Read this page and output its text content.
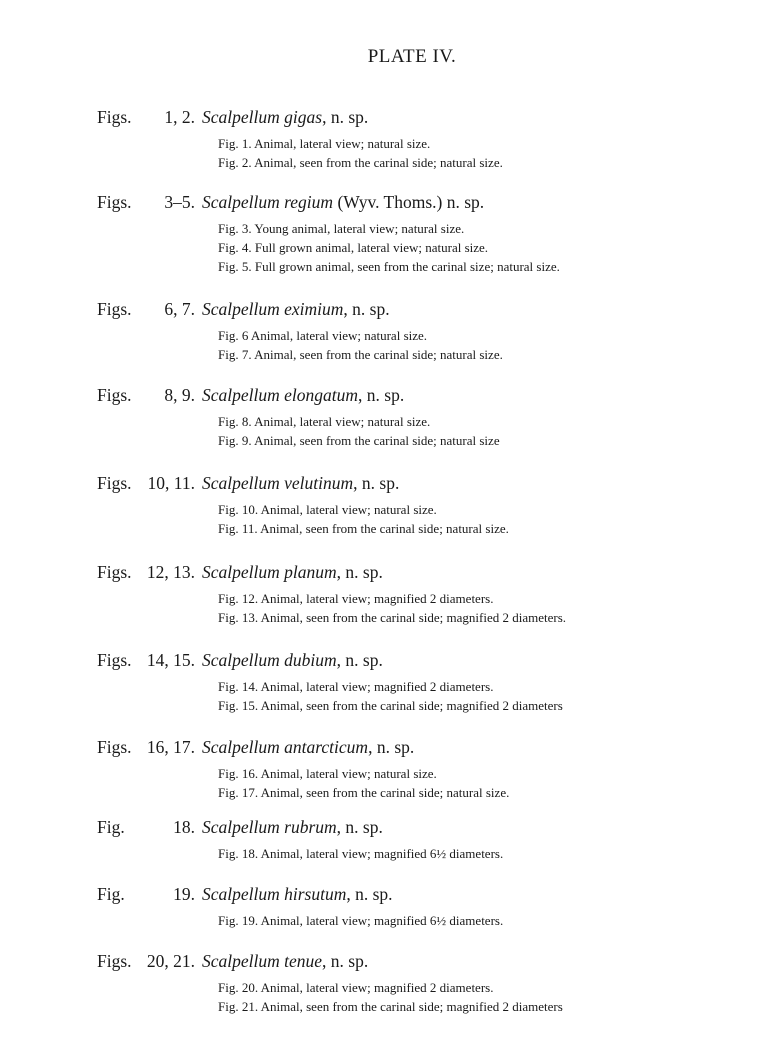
PLATE IV.
Figs. 1, 2. Scalpellum gigas, n. sp.
Fig. 1. Animal, lateral view; natural size.
Fig. 2. Animal, seen from the carinal side; natural size.
Figs. 3–5. Scalpellum regium (Wyv. Thoms.) n. sp.
Fig. 3. Young animal, lateral view; natural size.
Fig. 4. Full grown animal, lateral view; natural size.
Fig. 5. Full grown animal, seen from the carinal size; natural size.
Figs. 6, 7. Scalpellum eximium, n. sp.
Fig. 6 Animal, lateral view; natural size.
Fig. 7. Animal, seen from the carinal side; natural size.
Figs. 8, 9. Scalpellum elongatum, n. sp.
Fig. 8. Animal, lateral view; natural size.
Fig. 9. Animal, seen from the carinal side; natural size
Figs. 10, 11. Scalpellum velutinum, n. sp.
Fig. 10. Animal, lateral view; natural size.
Fig. 11. Animal, seen from the carinal side; natural size.
Figs. 12, 13. Scalpellum planum, n. sp.
Fig. 12. Animal, lateral view; magnified 2 diameters.
Fig. 13. Animal, seen from the carinal side; magnified 2 diameters.
Figs. 14, 15. Scalpellum dubium, n. sp.
Fig. 14. Animal, lateral view; magnified 2 diameters.
Fig. 15. Animal, seen from the carinal side; magnified 2 diameters
Figs. 16, 17. Scalpellum antarcticum, n. sp.
Fig. 16. Animal, lateral view; natural size.
Fig. 17. Animal, seen from the carinal side; natural size.
Fig.	18. Scalpellum rubrum, n. sp.
Fig. 18. Animal, lateral view; magnified 6½ diameters.
Fig.	19. Scalpellum hirsutum, n. sp.
Fig. 19. Animal, lateral view; magnified 6½ diameters.
Figs. 20, 21. Scalpellum tenue, n. sp.
Fig. 20. Animal, lateral view; magnified 2 diameters.
Fig. 21. Animal, seen from the carinal side; magnified 2 diameters
